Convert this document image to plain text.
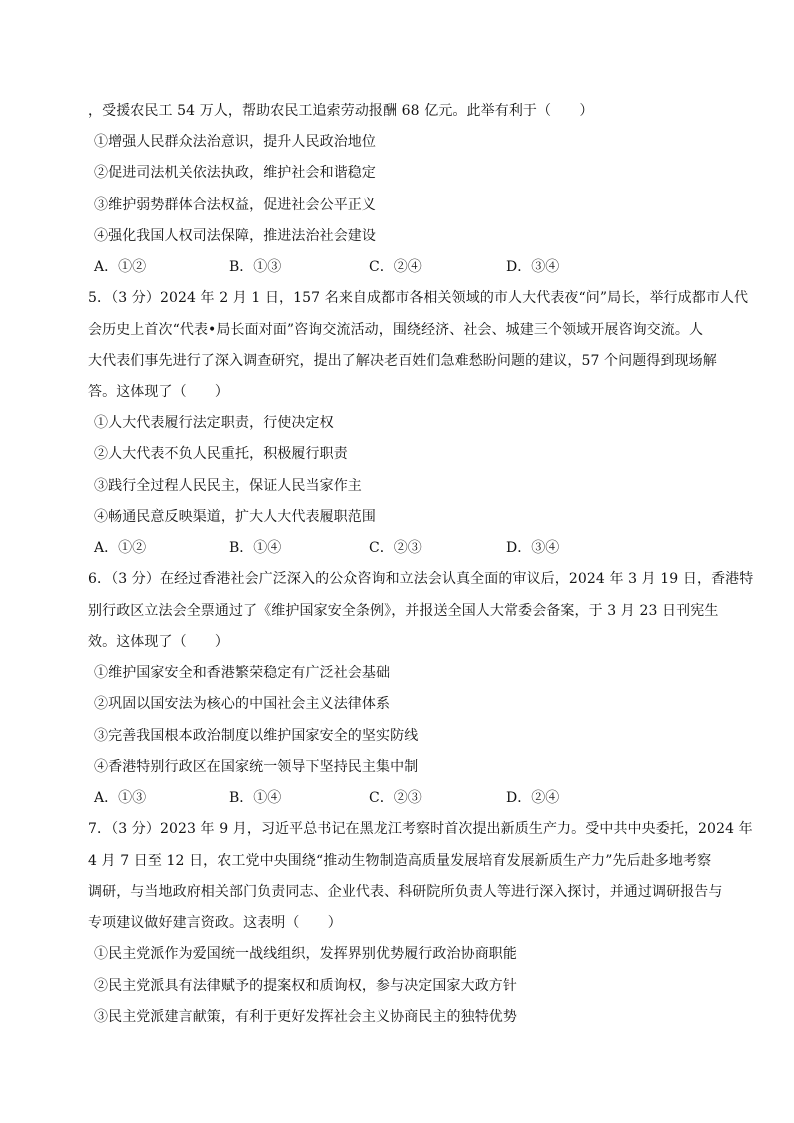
，受援农民工 54 万人，帮助农民工追索劳动报酬 68 亿元。此举有利于（　　）
①增强人民群众法治意识，提升人民政治地位
②促进司法机关依法执政，维护社会和谐稳定
③维护弱势群体合法权益，促进社会公平正义
④强化我国人权司法保障，推进法治社会建设
A．①②	B．①③	C．②④	D．③④
5．（3 分）2024 年 2 月 1 日，157 名来自成都市各相关领域的市人大代表夜“问”局长，举行成都市人代
会历史上首次“代表•局长面对面”咨询交流活动，围绕经济、社会、城建三个领域开展咨询交流。人
大代表们事先进行了深入调查研究，提出了解决老百姓们急难愁盼问题的建议，57 个问题得到现场解
答。这体现了（　　）
①人大代表履行法定职责，行使决定权
②人大代表不负人民重托，积极履行职责
③践行全过程人民民主，保证人民当家作主
④畅通民意反映渠道，扩大人大代表履职范围
A．①②	B．①④	C．②③	D．③④
6．（3 分）在经过香港社会广泛深入的公众咨询和立法会认真全面的审议后，2024 年 3 月 19 日，香港特
别行政区立法会全票通过了《维护国家安全条例》，并报送全国人大常委会备案，于 3 月 23 日刊宪生
效。这体现了（　　）
①维护国家安全和香港繁荣稳定有广泛社会基础
②巩固以国安法为核心的中国社会主义法律体系
③完善我国根本政治制度以维护国家安全的坚实防线
④香港特别行政区在国家统一领导下坚持民主集中制
A．①③	B．①④	C．②③	D．②④
7．（3 分）2023 年 9 月，习近平总书记在黑龙江考察时首次提出新质生产力。受中共中央委托，2024 年
4 月 7 日至 12 日，农工党中央围绕“推动生物制造高质量发展培育发展新质生产力”先后赴多地考察
调研，与当地政府相关部门负责同志、企业代表、科研院所负责人等进行深入探讨，并通过调研报告与
专项建议做好建言资政。这表明（　　）
①民主党派作为爱国统一战线组织，发挥界别优势履行政治协商职能
②民主党派具有法律赋予的提案权和质询权，参与决定国家大政方针
③民主党派建言献策，有利于更好发挥社会主义协商民主的独特优势
